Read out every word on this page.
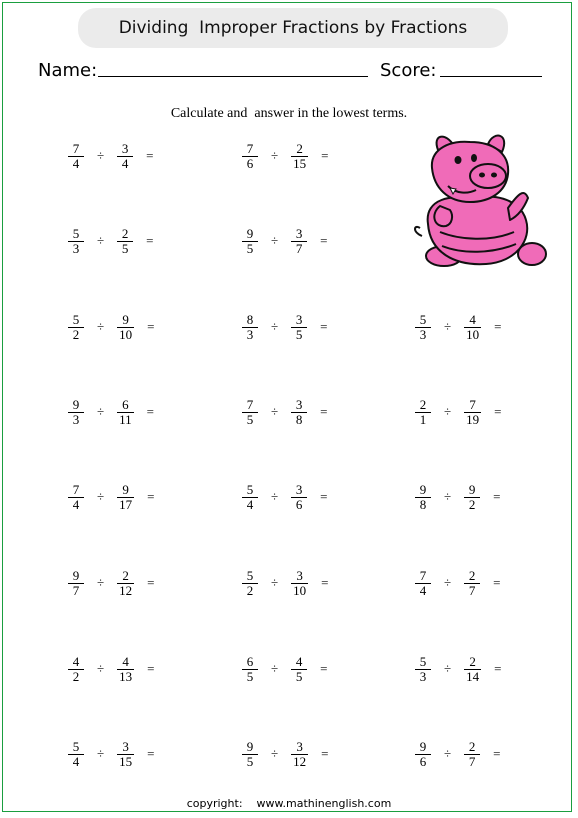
Dividing  Improper Fractions by Fractions
Name:	Score:
Calculate and  answer in the lowest terms.
$\frac{7}{4} \div \frac{3}{4}$ =	$\frac{7}{6} \div \frac{2}{15}$ =
$\frac{5}{3} \div \frac{2}{5}$ =	$\frac{9}{5} \div \frac{3}{7}$ =
$\frac{5}{2} \div \frac{9}{10}$ =	$\frac{8}{3} \div \frac{3}{5}$ =	$\frac{5}{3} \div \frac{4}{10}$ =
$\frac{9}{3} \div \frac{6}{11}$ =	$\frac{7}{5} \div \frac{3}{8}$ =	$\frac{2}{1} \div \frac{7}{19}$ =
$\frac{7}{4} \div \frac{9}{17}$ =	$\frac{5}{4} \div \frac{3}{6}$ =	$\frac{9}{8} \div \frac{9}{2}$ =
$\frac{9}{7} \div \frac{2}{12}$ =	$\frac{5}{2} \div \frac{3}{10}$ =	$\frac{7}{4} \div \frac{2}{7}$ =
$\frac{4}{2} \div \frac{4}{13}$ =	$\frac{6}{5} \div \frac{4}{5}$ =	$\frac{5}{3} \div \frac{2}{14}$ =
$\frac{5}{4} \div \frac{3}{15}$ =	$\frac{9}{5} \div \frac{3}{12}$ =	$\frac{9}{6} \div \frac{2}{7}$ =
copyright:    www.mathinenglish.com
